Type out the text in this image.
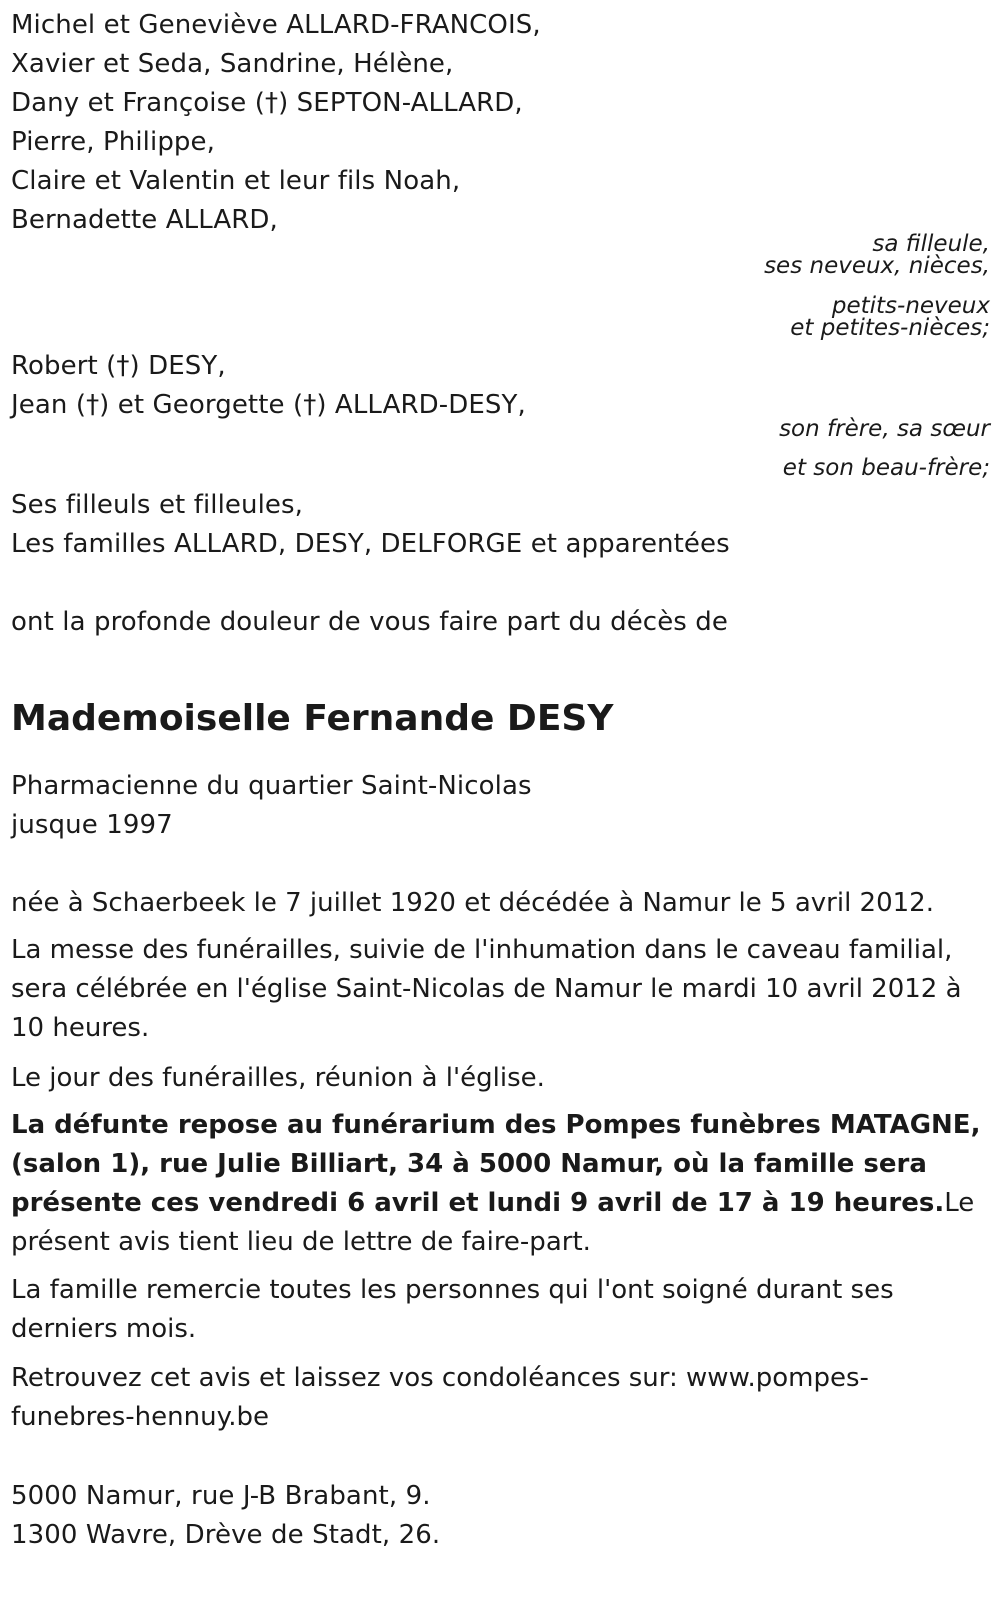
Michel et Geneviève ALLARD-FRANCOIS,
Xavier et Seda, Sandrine, Hélène,
Dany et Françoise (†) SEPTON-ALLARD,
Pierre, Philippe,
Claire et Valentin et leur fils Noah,
Bernadette ALLARD,
sa filleule,
ses neveux, nièces,
petits-neveux
et petites-nièces;
Robert (†) DESY,
Jean (†) et Georgette (†) ALLARD-DESY,
son frère, sa sœur
et son beau-frère;
Ses filleuls et filleules,
Les familles ALLARD, DESY, DELFORGE et apparentées
ont la profonde douleur de vous faire part du décès de
Mademoiselle Fernande DESY
Pharmacienne du quartier Saint-Nicolas
jusque 1997
née à Schaerbeek le 7 juillet 1920 et décédée à Namur le 5 avril 2012.
La messe des funérailles, suivie de l'inhumation dans le caveau familial, sera célébrée en l'église Saint-Nicolas de Namur le mardi 10 avril 2012 à 10 heures.
Le jour des funérailles, réunion à l'église.
La défunte repose au funérarium des Pompes funèbres MATAGNE, (salon 1), rue Julie Billiart, 34 à 5000 Namur, où la famille sera présente ces vendredi 6 avril et lundi 9 avril de 17 à 19 heures.Le présent avis tient lieu de lettre de faire-part.
La famille remercie toutes les personnes qui l'ont soigné durant ses derniers mois.
Retrouvez cet avis et laissez vos condoléances sur: www.pompes-funebres-hennuy.be
5000 Namur, rue J-B Brabant, 9.
1300 Wavre, Drève de Stadt, 26.
